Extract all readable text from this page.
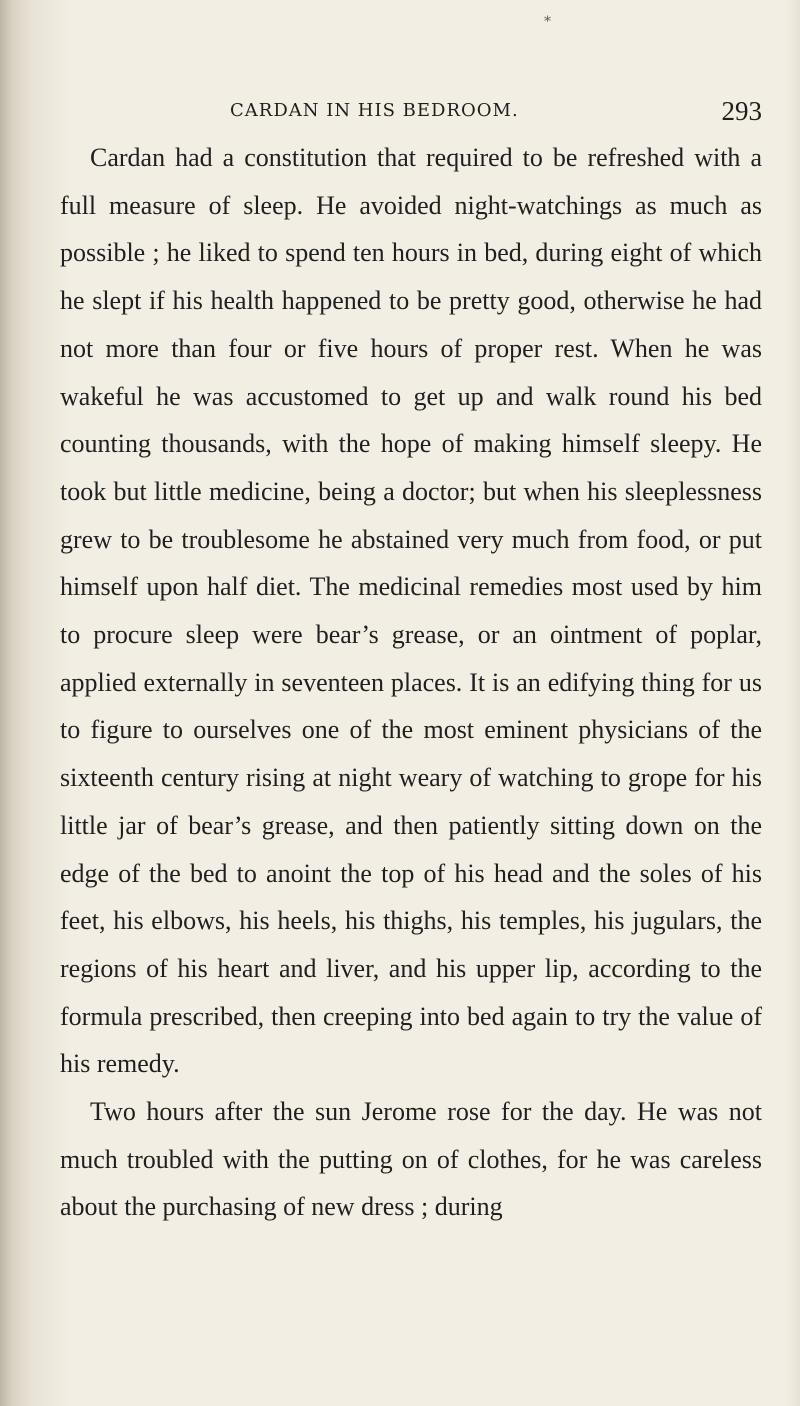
*
CARDAN IN HIS BEDROOM.	293

Cardan had a constitution that required to be refreshed with a full measure of sleep. He avoided night-watchings as much as possible ; he liked to spend ten hours in bed, during eight of which he slept if his health happened to be pretty good, otherwise he had not more than four or five hours of proper rest. When he was wakeful he was accustomed to get up and walk round his bed counting thousands, with the hope of making himself sleepy. He took but little medicine, being a doctor; but when his sleeplessness grew to be troublesome he abstained very much from food, or put himself upon half diet. The medicinal remedies most used by him to procure sleep were bear’s grease, or an ointment of poplar, applied externally in seventeen places. It is an edifying thing for us to figure to ourselves one of the most eminent physicians of the sixteenth century rising at night weary of watching to grope for his little jar of bear’s grease, and then patiently sitting down on the edge of the bed to anoint the top of his head and the soles of his feet, his elbows, his heels, his thighs, his temples, his jugulars, the regions of his heart and liver, and his upper lip, according to the formula prescribed, then creeping into bed again to try the value of his remedy.

Two hours after the sun Jerome rose for the day. He was not much troubled with the putting on of clothes, for he was careless about the purchasing of new dress ; during
